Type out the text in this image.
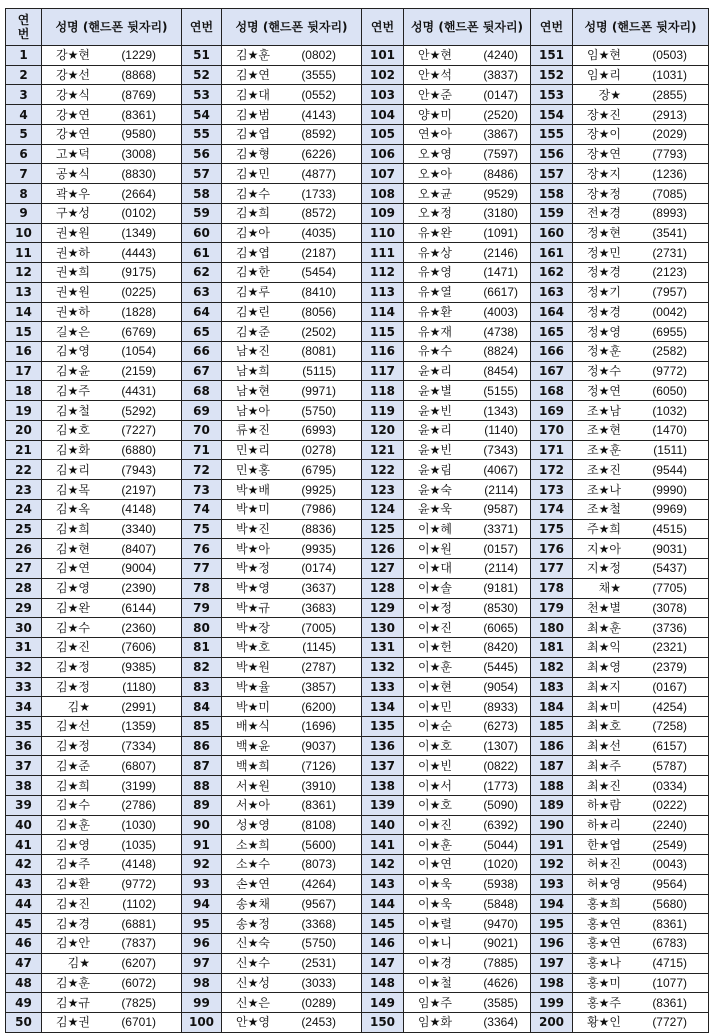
연
번	성명 (핸드폰 뒷자리)	연번	성명 (핸드폰 뒷자리)	연번	성명 (핸드폰 뒷자리)	연번	성명 (핸드폰 뒷자리)
1	강★현 (1229)	51	김★훈 (0802)	101	안★현 (4240)	151	임★현 (0503)
2	강★선 (8868)	52	김★연 (3555)	102	안★석 (3837)	152	임★리 (1031)
3	강★식 (8769)	53	김★대 (0552)	103	안★준 (0147)	153	장★ (2855)
4	강★연 (8361)	54	김★범 (4143)	104	양★미 (2520)	154	장★진 (2913)
5	강★연 (9580)	55	김★엽 (8592)	105	연★아 (3867)	155	장★이 (2029)
6	고★덕 (3008)	56	김★형 (6226)	106	오★영 (7597)	156	장★연 (7793)
7	공★식 (8830)	57	김★민 (4877)	107	오★아 (8486)	157	장★지 (1236)
8	곽★우 (2664)	58	김★수 (1733)	108	오★균 (9529)	158	장★정 (7085)
9	구★성 (0102)	59	김★희 (8572)	109	오★정 (3180)	159	전★경 (8993)
10	권★원 (1349)	60	김★아 (4035)	110	유★완 (1091)	160	정★현 (3541)
11	권★하 (4443)	61	김★엽 (2187)	111	유★상 (2146)	161	정★민 (2731)
12	권★희 (9175)	62	김★한 (5454)	112	유★영 (1471)	162	정★경 (2123)
13	권★원 (0225)	63	김★루 (8410)	113	유★열 (6617)	163	정★기 (7957)
14	권★하 (1828)	64	김★린 (8056)	114	유★환 (4003)	164	정★경 (0042)
15	길★은 (6769)	65	김★준 (2502)	115	유★재 (4738)	165	정★영 (6955)
16	김★영 (1054)	66	남★진 (8081)	116	유★수 (8824)	166	정★훈 (2582)
17	김★윤 (2159)	67	남★희 (5115)	117	윤★리 (8454)	167	정★수 (9772)
18	김★주 (4431)	68	남★현 (9971)	118	윤★별 (5155)	168	정★연 (6050)
19	김★철 (5292)	69	남★아 (5750)	119	윤★빈 (1343)	169	조★남 (1032)
20	김★호 (7227)	70	류★진 (6993)	120	윤★리 (1140)	170	조★현 (1470)
21	김★화 (6880)	71	민★리 (0278)	121	윤★빈 (7343)	171	조★훈 (1511)
22	김★리 (7943)	72	민★홍 (6795)	122	윤★림 (4067)	172	조★진 (9544)
23	김★목 (2197)	73	박★배 (9925)	123	윤★숙 (2114)	173	조★나 (9990)
24	김★옥 (4148)	74	박★미 (7986)	124	윤★욱 (9587)	174	조★철 (9969)
25	김★희 (3340)	75	박★진 (8836)	125	이★혜 (3371)	175	주★희 (4515)
26	김★현 (8407)	76	박★아 (9935)	126	이★원 (0157)	176	지★아 (9031)
27	김★연 (9004)	77	박★정 (0174)	127	이★대 (2114)	177	지★정 (5437)
28	김★영 (2390)	78	박★영 (3637)	128	이★솔 (9181)	178	채★ (7705)
29	김★완 (6144)	79	박★규 (3683)	129	이★정 (8530)	179	천★별 (3078)
30	김★수 (2360)	80	박★장 (7005)	130	이★진 (6065)	180	최★훈 (3736)
31	김★진 (7606)	81	박★호 (1145)	131	이★헌 (8420)	181	최★익 (2321)
32	김★정 (9385)	82	박★원 (2787)	132	이★훈 (5445)	182	최★영 (2379)
33	김★정 (1180)	83	박★율 (3857)	133	이★현 (9054)	183	최★지 (0167)
34	김★ (2991)	84	박★미 (6200)	134	이★민 (8933)	184	최★미 (4254)
35	김★선 (1359)	85	배★식 (1696)	135	이★순 (6273)	185	최★호 (7258)
36	김★정 (7334)	86	백★윤 (9037)	136	이★호 (1307)	186	최★선 (6157)
37	김★준 (6807)	87	백★희 (7126)	137	이★빈 (0822)	187	최★주 (5787)
38	김★희 (3199)	88	서★원 (3910)	138	이★서 (1773)	188	최★진 (0334)
39	김★수 (2786)	89	서★아 (8361)	139	이★호 (5090)	189	하★람 (0222)
40	김★훈 (1030)	90	성★영 (8108)	140	이★진 (6392)	190	하★리 (2240)
41	김★영 (1035)	91	소★희 (5600)	141	이★훈 (5044)	191	한★엽 (2549)
42	김★주 (4148)	92	소★수 (8073)	142	이★연 (1020)	192	허★진 (0043)
43	김★환 (9772)	93	손★연 (4264)	143	이★욱 (5938)	193	허★영 (9564)
44	김★진 (1102)	94	송★채 (9567)	144	이★욱 (5848)	194	홍★희 (5680)
45	김★경 (6881)	95	송★정 (3368)	145	이★렬 (9470)	195	홍★연 (8361)
46	김★안 (7837)	96	신★숙 (5750)	146	이★니 (9021)	196	홍★연 (6783)
47	김★ (6207)	97	신★수 (2531)	147	이★경 (7885)	197	홍★나 (4715)
48	김★훈 (6072)	98	신★성 (3033)	148	이★철 (4626)	198	홍★미 (1077)
49	김★규 (7825)	99	신★은 (0289)	149	임★주 (3585)	199	홍★주 (8361)
50	김★권 (6701)	100	안★영 (2453)	150	임★화 (3364)	200	황★인 (7727)
